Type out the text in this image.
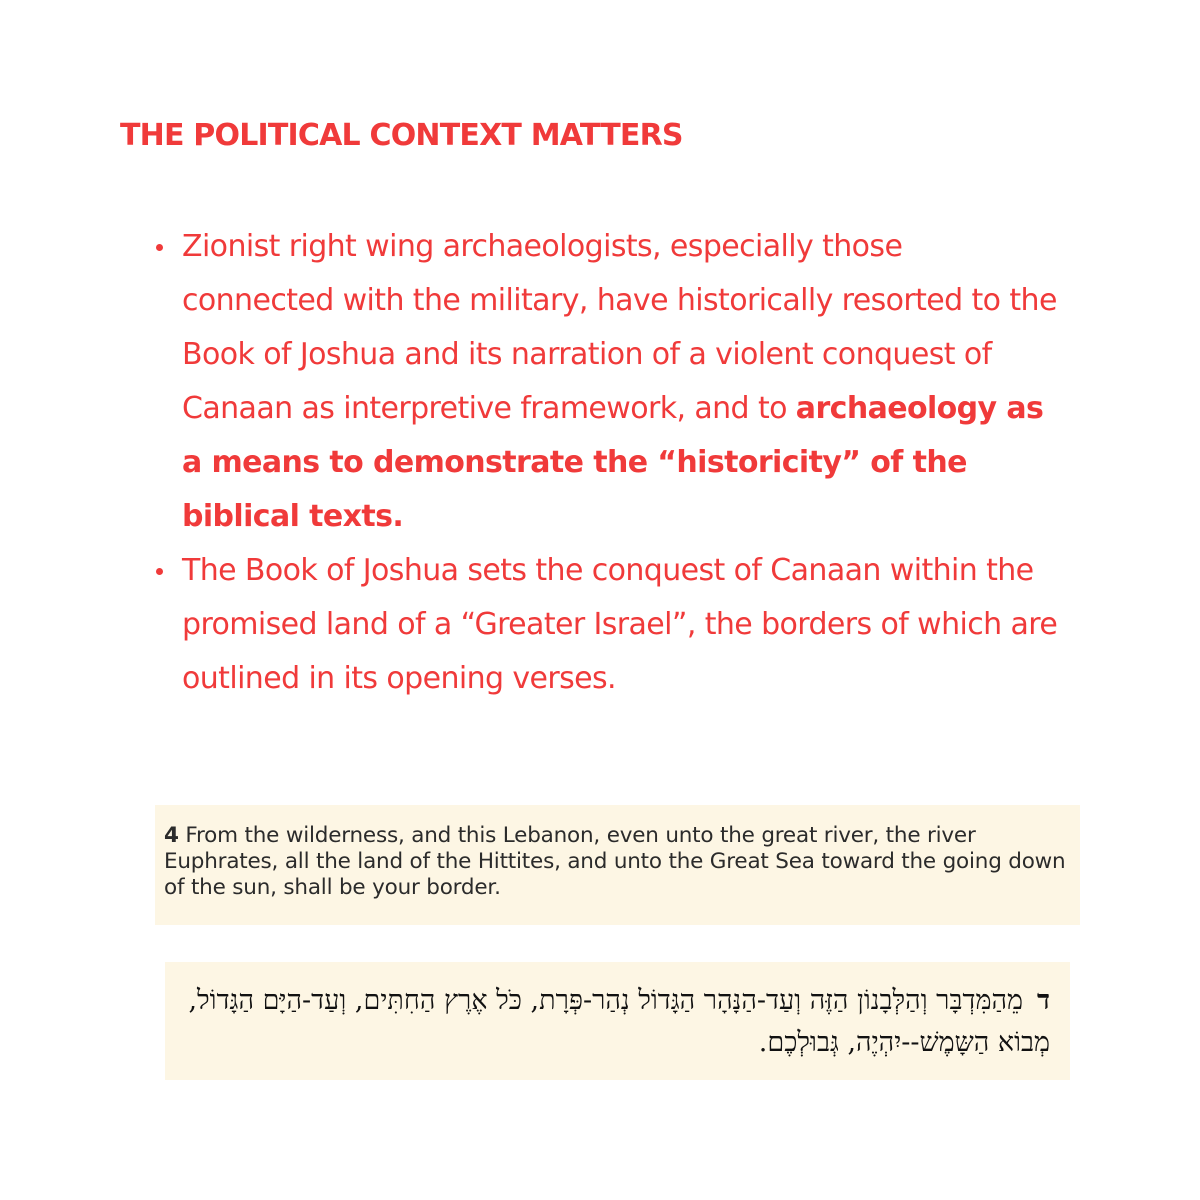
THE POLITICAL CONTEXT MATTERS
Zionist right wing archaeologists, especially those connected with the military, have historically resorted to the Book of Joshua and its narration of a violent conquest of Canaan as interpretive framework, and to archaeology as a means to demonstrate the “historicity” of the biblical texts.
The Book of Joshua sets the conquest of Canaan within the promised land of a “Greater Israel”, the borders of which are outlined in its opening verses.
4 From the wilderness, and this Lebanon, even unto the great river, the river Euphrates, all the land of the Hittites, and unto the Great Sea toward the going down of the sun, shall be your border.
דמֵהַמִּדְבָּר וְהַלְּבָנוֹן הַזֶּה וְעַד-הַנָּהָר הַגָּדוֹל נְהַר-פְּרָת, כֹּל אֶרֶץ הַחִתִּים, וְעַד-הַיָּם הַגָּדוֹל, מְבוֹא הַשָּמֶשׁ--יִהְיֶה, גְּבוּלְכֶם.
